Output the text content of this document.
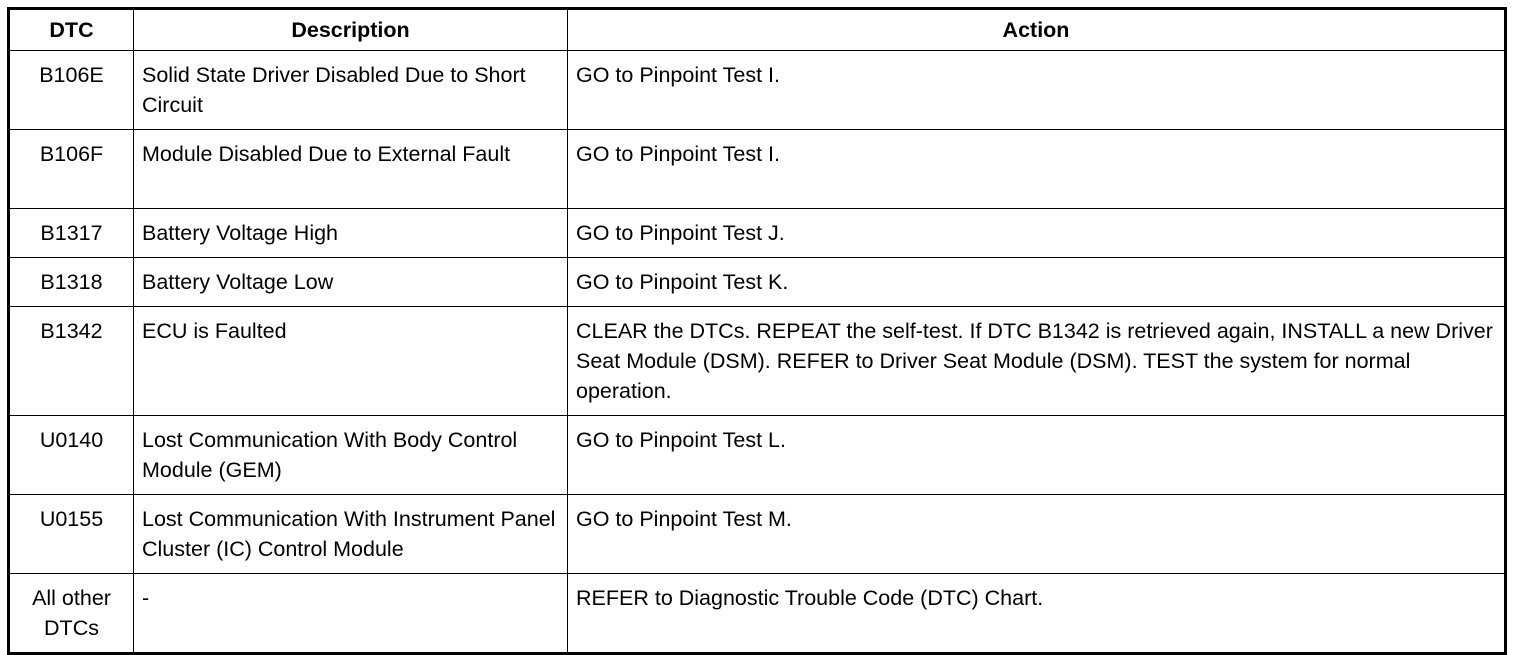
DTC	Description	Action
B106E	Solid State Driver Disabled Due to Short Circuit	GO to Pinpoint Test I.
B106F	Module Disabled Due to External Fault	GO to Pinpoint Test I.
B1317	Battery Voltage High	GO to Pinpoint Test J.
B1318	Battery Voltage Low	GO to Pinpoint Test K.
B1342	ECU is Faulted	CLEAR the DTCs. REPEAT the self-test. If DTC B1342 is retrieved again, INSTALL a new Driver Seat Module (DSM). REFER to Driver Seat Module (DSM). TEST the system for normal operation.
U0140	Lost Communication With Body Control Module (GEM)	GO to Pinpoint Test L.
U0155	Lost Communication With Instrument Panel Cluster (IC) Control Module	GO to Pinpoint Test M.
All other DTCs	-	REFER to Diagnostic Trouble Code (DTC) Chart.
